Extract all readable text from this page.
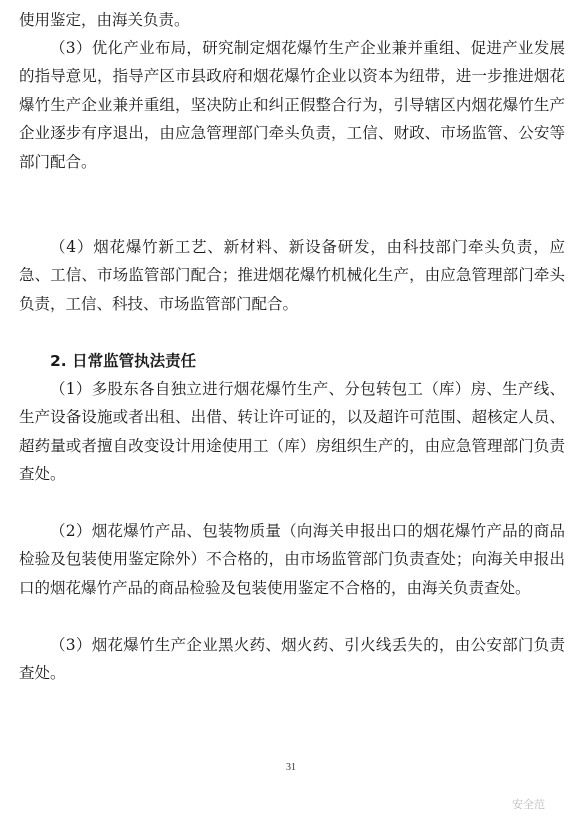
使用鉴定，由海关负责。

（3）优化产业布局，研究制定烟花爆竹生产企业兼并重组、促进产业发展的指导意见，指导产区市县政府和烟花爆竹企业以资本为纽带，进一步推进烟花爆竹生产企业兼并重组，坚决防止和纠正假整合行为，引导辖区内烟花爆竹生产企业逐步有序退出，由应急管理部门牵头负责，工信、财政、市场监管、公安等部门配合。

（4）烟花爆竹新工艺、新材料、新设备研发，由科技部门牵头负责，应急、工信、市场监管部门配合；推进烟花爆竹机械化生产，由应急管理部门牵头负责，工信、科技、市场监管部门配合。

2. 日常监管执法责任

（1）多股东各自独立进行烟花爆竹生产、分包转包工（库）房、生产线、生产设备设施或者出租、出借、转让许可证的，以及超许可范围、超核定人员、超药量或者擅自改变设计用途使用工（库）房组织生产的，由应急管理部门负责查处。

（2）烟花爆竹产品、包装物质量（向海关申报出口的烟花爆竹产品的商品检验及包装使用鉴定除外）不合格的，由市场监管部门负责查处；向海关申报出口的烟花爆竹产品的商品检验及包装使用鉴定不合格的，由海关负责查处。

（3）烟花爆竹生产企业黑火药、烟火药、引火线丢失的，由公安部门负责查处。

31
安全范
